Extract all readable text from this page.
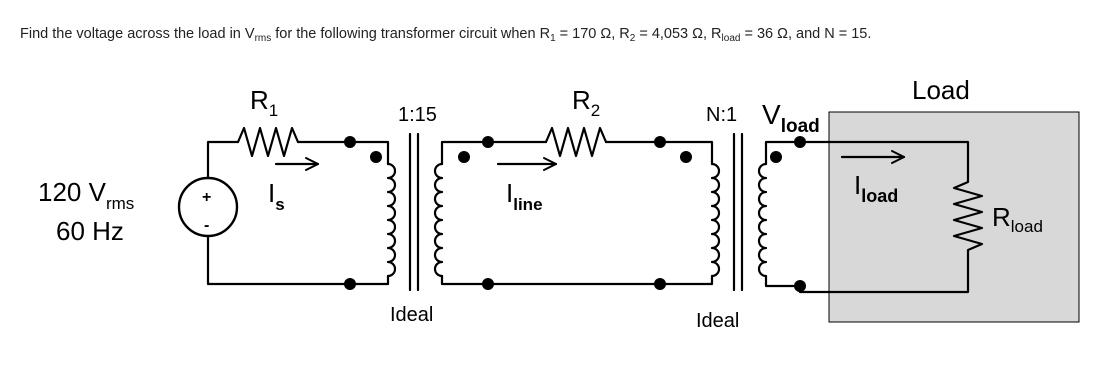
Find the voltage across the load in $V_{rms}$ for the following transformer circuit when $R_1 = 170$ Ω, $R_2 = 4,053$ Ω, $R_{load} = 36$ Ω, and N = 15.
+
-
120 $V_{rms}$
60 Hz
$R_1$
$I_s$
1:15
Ideal
$R_2$
$I_{line}$
N:1
Ideal
$V_{load}$
Load
$I_{load}$
$R_{load}$
